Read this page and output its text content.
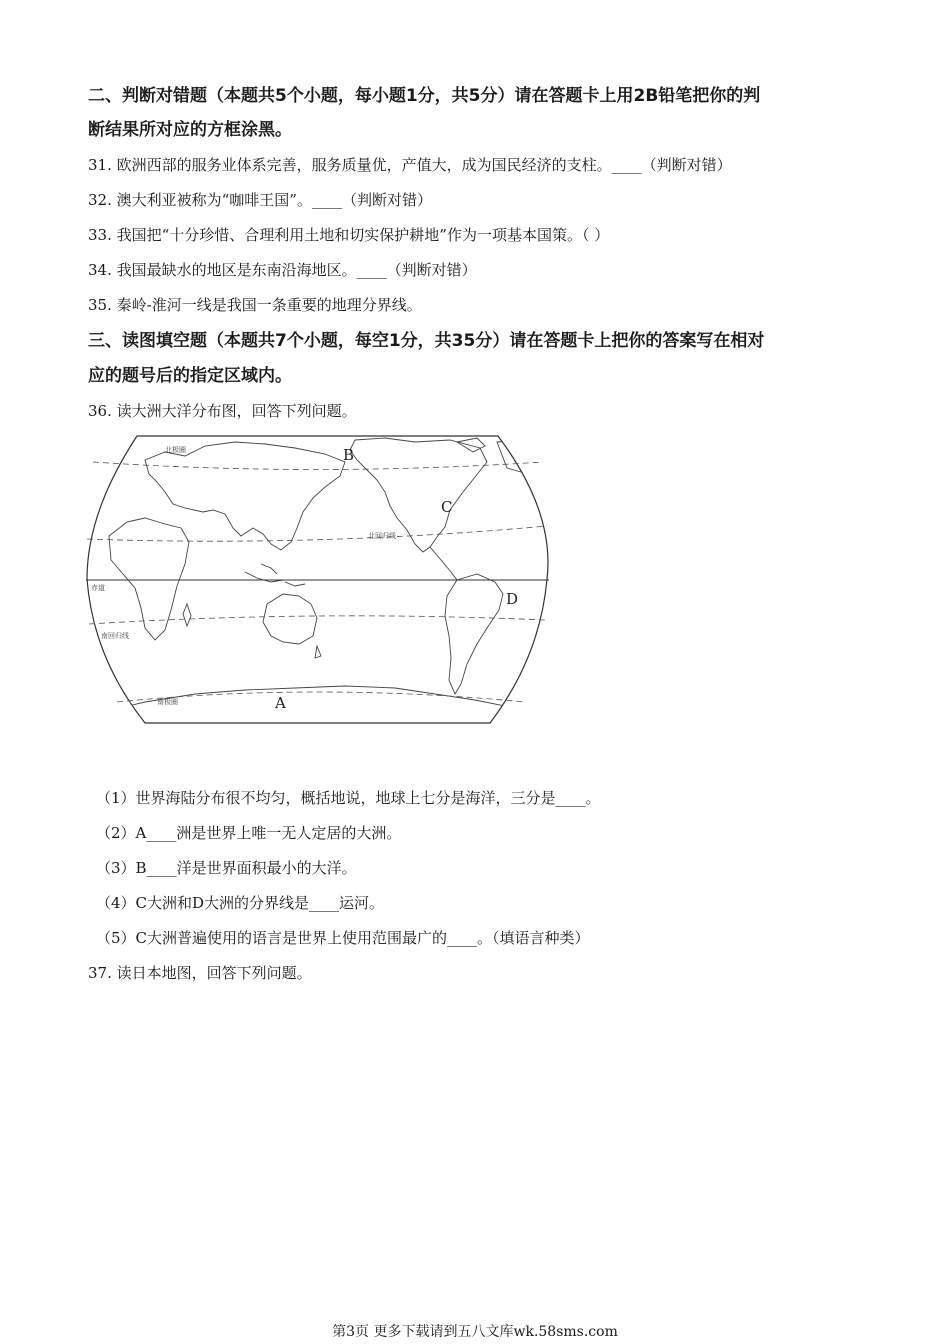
二、判断对错题（本题共5个小题，每小题1分，共5分）请在答题卡上用2B铅笔把你的判
断结果所对应的方框涂黑。
31. 欧洲西部的服务业体系完善，服务质量优，产值大，成为国民经济的支柱。____（判断对错）
32. 澳大利亚被称为“咖啡王国”。____（判断对错）
33. 我国把“十分珍惜、合理利用土地和切实保护耕地”作为一项基本国策。（ ）
34. 我国最缺水的地区是东南沿海地区。____（判断对错）
35. 秦岭-淮河一线是我国一条重要的地理分界线。
三、读图填空题（本题共7个小题，每空1分，共35分）请在答题卡上把你的答案写在相对
应的题号后的指定区域内。
36. 读大洲大洋分布图，回答下列问题。
北极圈
北回归线
赤道
南回归线
南极圈
B
C
D
A
（1）世界海陆分布很不均匀，概括地说，地球上七分是海洋，三分是____。
（2）A____洲是世界上唯一无人定居的大洲。
（3）B____洋是世界面积最小的大洋。
（4）C大洲和D大洲的分界线是____运河。
（5）C大洲普遍使用的语言是世界上使用范围最广的____。（填语言种类）
37. 读日本地图，回答下列问题。
第3页 更多下载请到五八文库wk.58sms.com
